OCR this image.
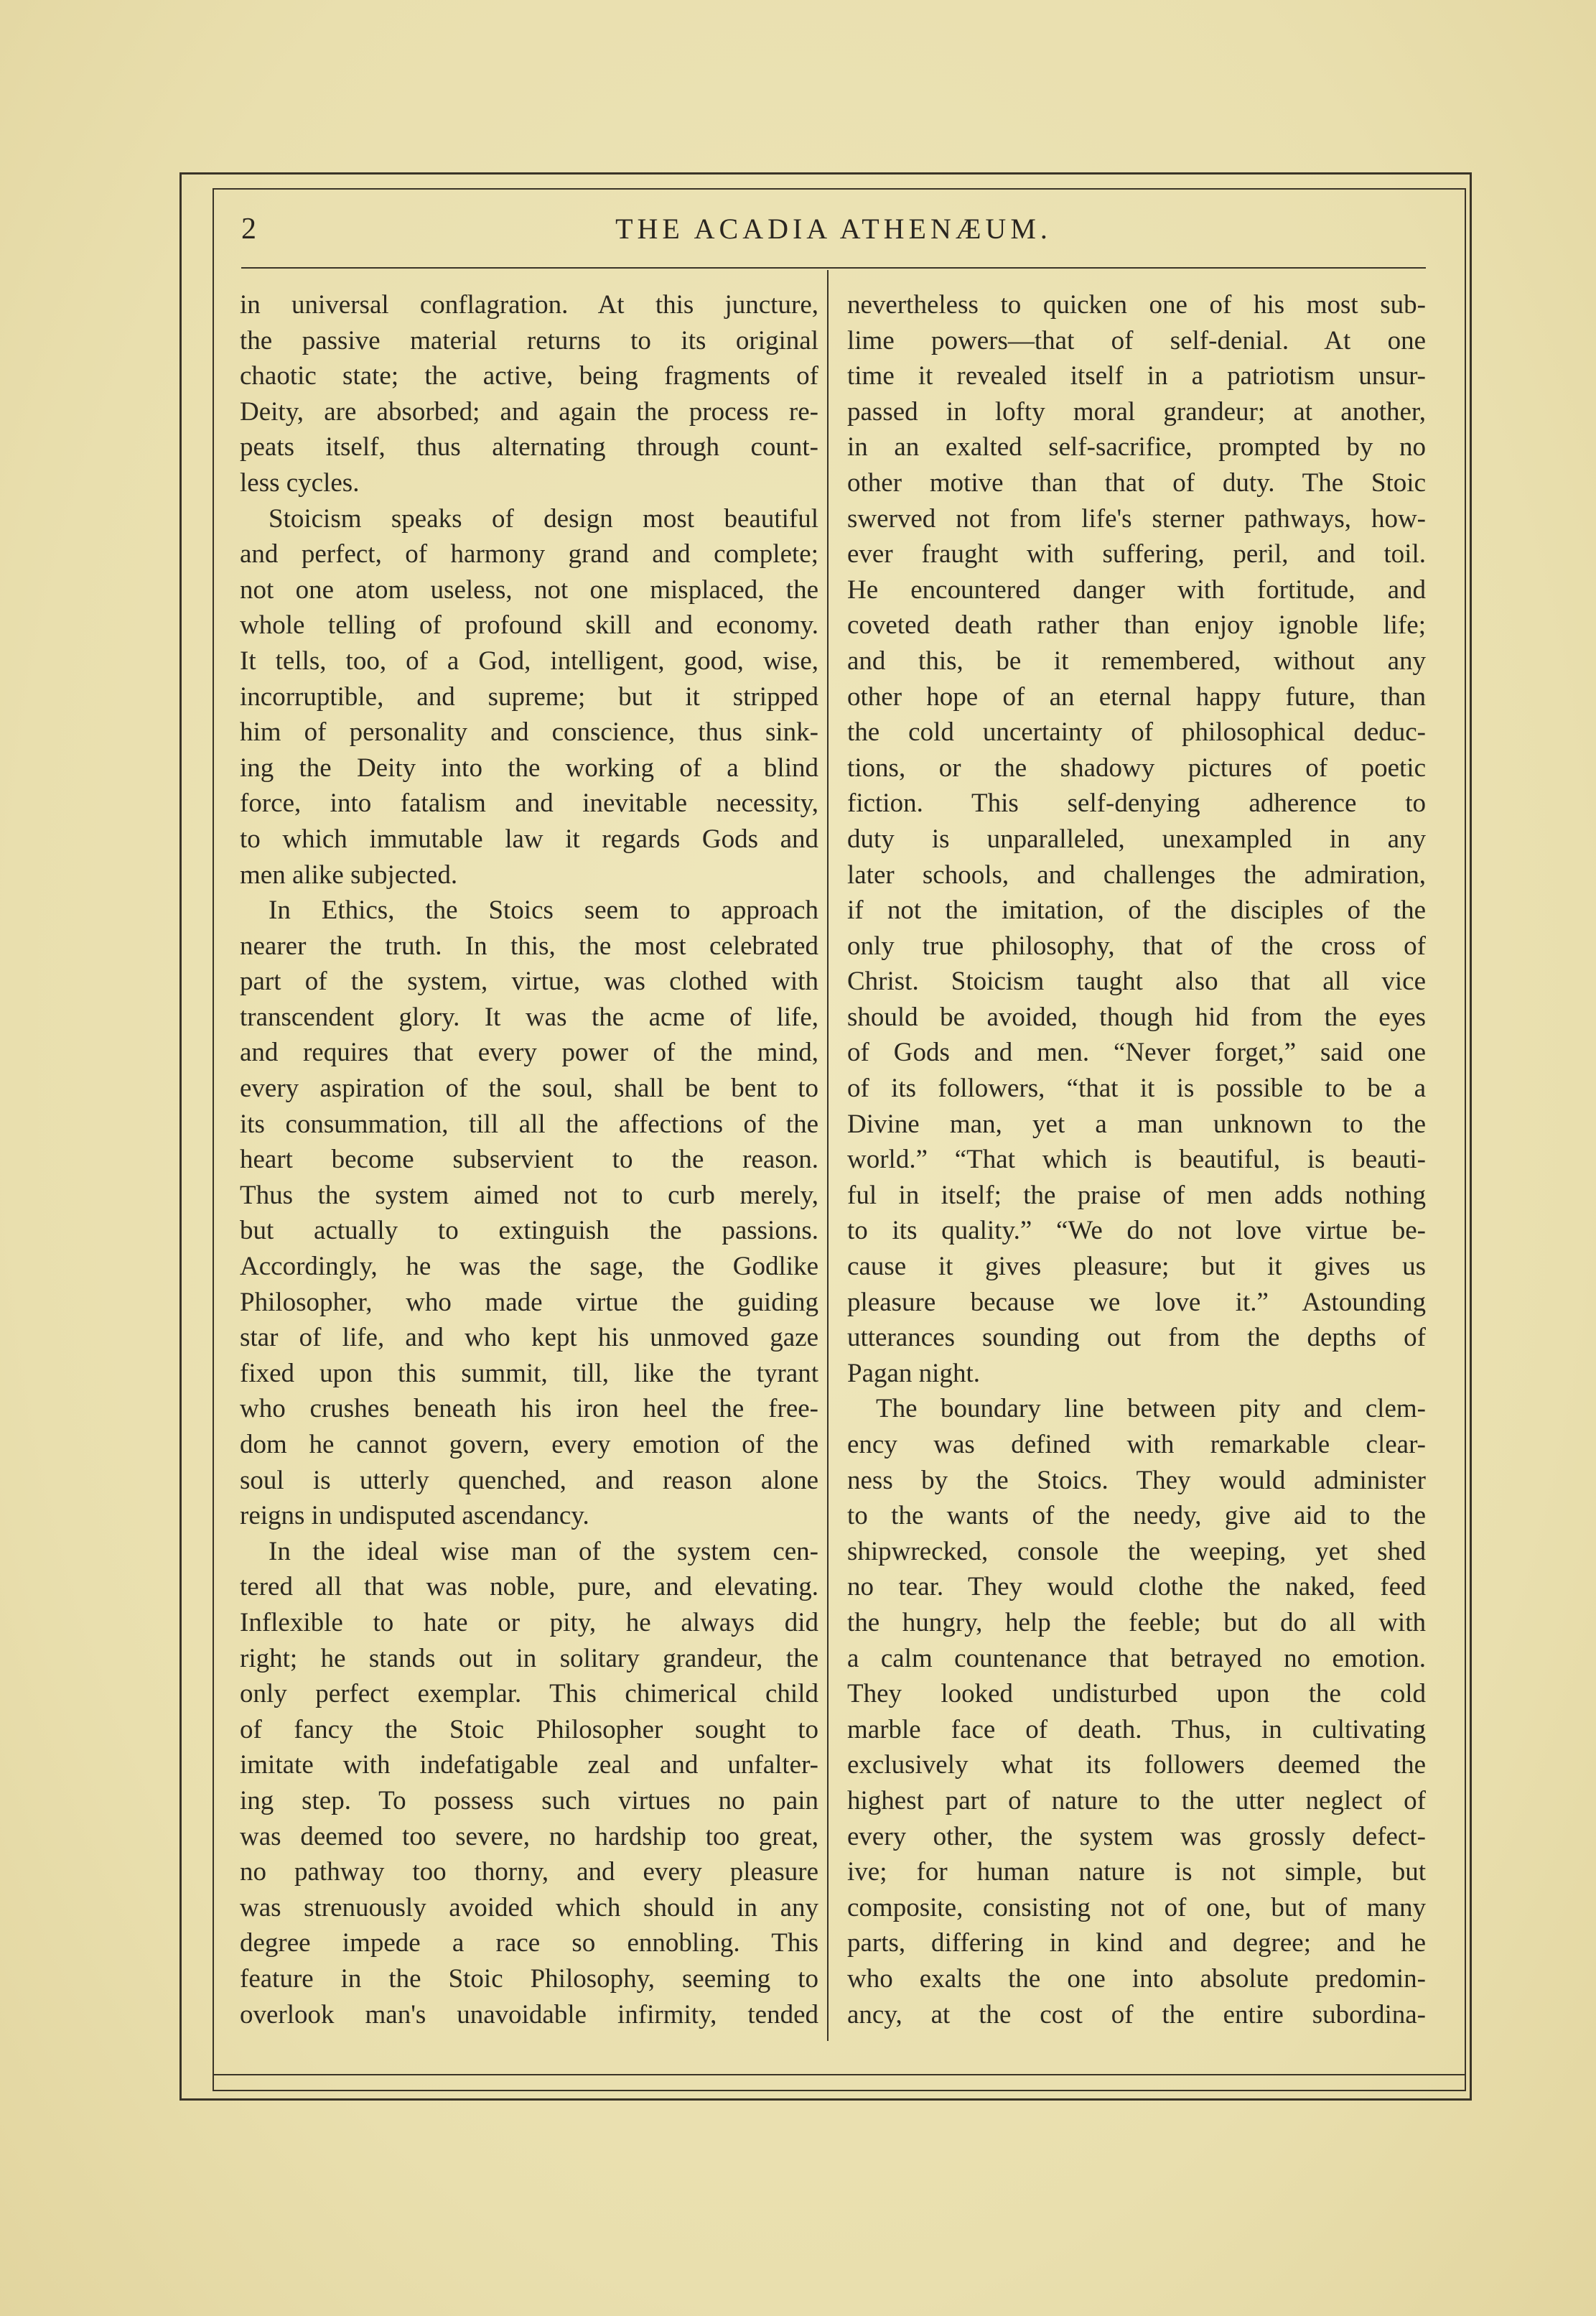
2	THE ACADIA ATHENÆUM.
in universal conflagration. At this juncture,
the passive material returns to its original
chaotic state; the active, being fragments of
Deity, are absorbed; and again the process re-
peats itself, thus alternating through count-
less cycles.
Stoicism speaks of design most beautiful
and perfect, of harmony grand and complete;
not one atom useless, not one misplaced, the
whole telling of profound skill and economy.
It tells, too, of a God, intelligent, good, wise,
incorruptible, and supreme; but it stripped
him of personality and conscience, thus sink-
ing the Deity into the working of a blind
force, into fatalism and inevitable necessity,
to which immutable law it regards Gods and
men alike subjected.
In Ethics, the Stoics seem to approach
nearer the truth. In this, the most celebrated
part of the system, virtue, was clothed with
transcendent glory. It was the acme of life,
and requires that every power of the mind,
every aspiration of the soul, shall be bent to
its consummation, till all the affections of the
heart become subservient to the reason.
Thus the system aimed not to curb merely,
but actually to extinguish the passions.
Accordingly, he was the sage, the Godlike
Philosopher, who made virtue the guiding
star of life, and who kept his unmoved gaze
fixed upon this summit, till, like the tyrant
who crushes beneath his iron heel the free-
dom he cannot govern, every emotion of the
soul is utterly quenched, and reason alone
reigns in undisputed ascendancy.
In the ideal wise man of the system cen-
tered all that was noble, pure, and elevating.
Inflexible to hate or pity, he always did
right; he stands out in solitary grandeur, the
only perfect exemplar. This chimerical child
of fancy the Stoic Philosopher sought to
imitate with indefatigable zeal and unfalter-
ing step. To possess such virtues no pain
was deemed too severe, no hardship too great,
no pathway too thorny, and every pleasure
was strenuously avoided which should in any
degree impede a race so ennobling. This
feature in the Stoic Philosophy, seeming to
overlook man's unavoidable infirmity, tended
nevertheless to quicken one of his most sub-
lime powers—that of self-denial. At one
time it revealed itself in a patriotism unsur-
passed in lofty moral grandeur; at another,
in an exalted self-sacrifice, prompted by no
other motive than that of duty. The Stoic
swerved not from life's sterner pathways, how-
ever fraught with suffering, peril, and toil.
He encountered danger with fortitude, and
coveted death rather than enjoy ignoble life;
and this, be it remembered, without any
other hope of an eternal happy future, than
the cold uncertainty of philosophical deduc-
tions, or the shadowy pictures of poetic
fiction. This self-denying adherence to
duty is unparalleled, unexampled in any
later schools, and challenges the admiration,
if not the imitation, of the disciples of the
only true philosophy, that of the cross of
Christ. Stoicism taught also that all vice
should be avoided, though hid from the eyes
of Gods and men. “Never forget,” said one
of its followers, “that it is possible to be a
Divine man, yet a man unknown to the
world.” “That which is beautiful, is beauti-
ful in itself; the praise of men adds nothing
to its quality.” “We do not love virtue be-
cause it gives pleasure; but it gives us
pleasure because we love it.” Astounding
utterances sounding out from the depths of
Pagan night.
The boundary line between pity and clem-
ency was defined with remarkable clear-
ness by the Stoics. They would administer
to the wants of the needy, give aid to the
shipwrecked, console the weeping, yet shed
no tear. They would clothe the naked, feed
the hungry, help the feeble; but do all with
a calm countenance that betrayed no emotion.
They looked undisturbed upon the cold
marble face of death. Thus, in cultivating
exclusively what its followers deemed the
highest part of nature to the utter neglect of
every other, the system was grossly defect-
ive; for human nature is not simple, but
composite, consisting not of one, but of many
parts, differing in kind and degree; and he
who exalts the one into absolute predomin-
ancy, at the cost of the entire subordina-
